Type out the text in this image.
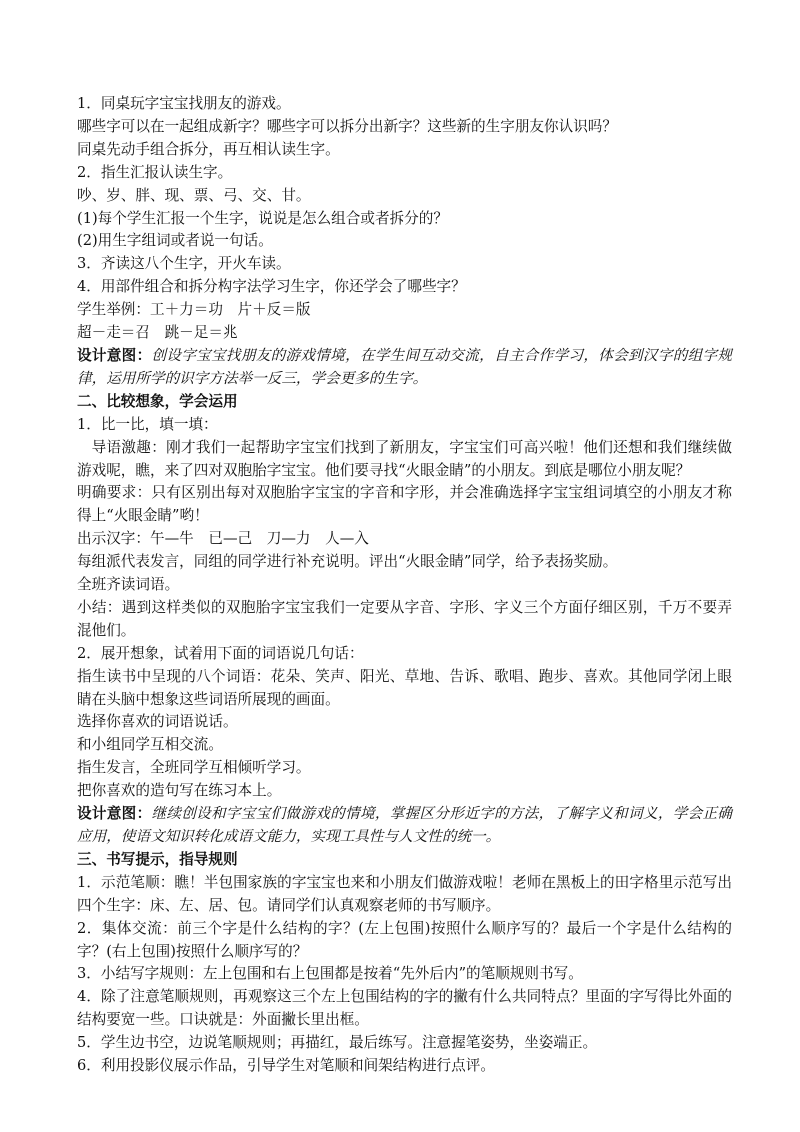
1．同桌玩字宝宝找朋友的游戏。
哪些字可以在一起组成新字？哪些字可以拆分出新字？这些新的生字朋友你认识吗？
同桌先动手组合拆分，再互相认读生字。
2．指生汇报认读生字。
吵、岁、胖、现、票、弓、交、甘。
(1)每个学生汇报一个生字，说说是怎么组合或者拆分的？
(2)用生字组词或者说一句话。
3．齐读这八个生字，开火车读。
4．用部件组合和拆分构字法学习生字，你还学会了哪些字？
学生举例：工＋力＝功　片＋反＝版
超－走＝召　跳－足＝兆
设计意图：创设字宝宝找朋友的游戏情境，在学生间互动交流，自主合作学习，体会到汉字的组字规律，运用所学的识字方法举一反三，学会更多的生字。
二、比较想象，学会运用
1．比一比，填一填：
导语激趣：刚才我们一起帮助字宝宝们找到了新朋友，字宝宝们可高兴啦！他们还想和我们继续做游戏呢，瞧，来了四对双胞胎字宝宝。他们要寻找“火眼金睛”的小朋友。到底是哪位小朋友呢？
明确要求：只有区别出每对双胞胎字宝宝的字音和字形，并会准确选择字宝宝组词填空的小朋友才称得上“火眼金睛”哟！
出示汉字：午—牛　已—己　刀—力　人—入
每组派代表发言，同组的同学进行补充说明。评出“火眼金睛”同学，给予表扬奖励。
全班齐读词语。
小结：遇到这样类似的双胞胎字宝宝我们一定要从字音、字形、字义三个方面仔细区别，千万不要弄混他们。
2．展开想象，试着用下面的词语说几句话：
指生读书中呈现的八个词语：花朵、笑声、阳光、草地、告诉、歌唱、跑步、喜欢。其他同学闭上眼睛在头脑中想象这些词语所展现的画面。
选择你喜欢的词语说话。
和小组同学互相交流。
指生发言，全班同学互相倾听学习。
把你喜欢的造句写在练习本上。
设计意图：继续创设和字宝宝们做游戏的情境，掌握区分形近字的方法，了解字义和词义，学会正确应用，使语文知识转化成语文能力，实现工具性与人文性的统一。
三、书写提示，指导规则
1．示范笔顺：瞧！半包围家族的字宝宝也来和小朋友们做游戏啦！老师在黑板上的田字格里示范写出四个生字：床、左、居、包。请同学们认真观察老师的书写顺序。
2．集体交流：前三个字是什么结构的字？(左上包围)按照什么顺序写的？最后一个字是什么结构的字？(右上包围)按照什么顺序写的？
3．小结写字规则：左上包围和右上包围都是按着“先外后内”的笔顺规则书写。
4．除了注意笔顺规则，再观察这三个左上包围结构的字的撇有什么共同特点？里面的字写得比外面的结构要宽一些。口诀就是：外面撇长里出框。
5．学生边书空，边说笔顺规则；再描红，最后练写。注意握笔姿势，坐姿端正。
6．利用投影仪展示作品，引导学生对笔顺和间架结构进行点评。
